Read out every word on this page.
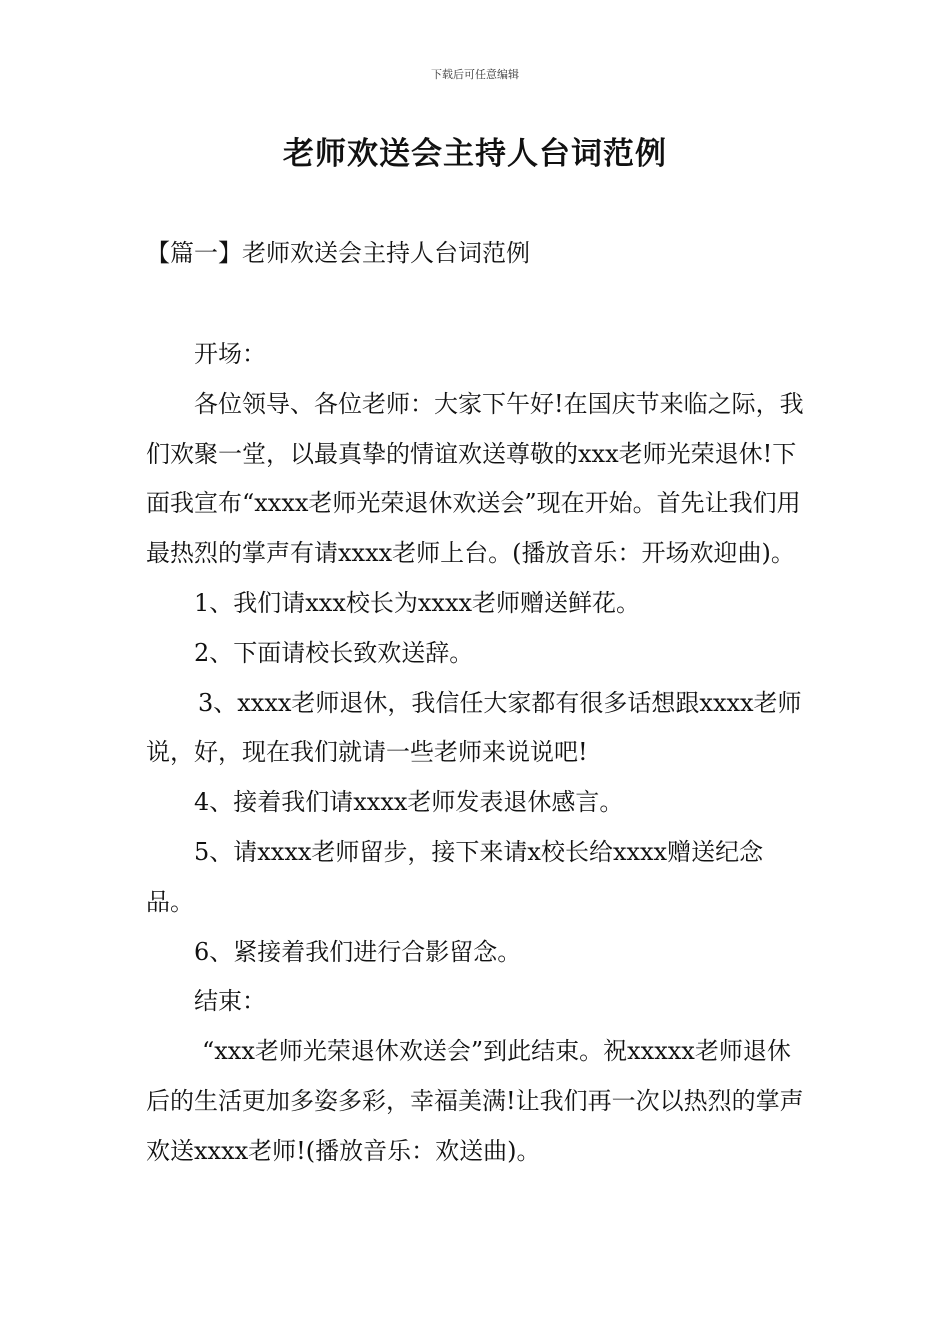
下载后可任意编辑
老师欢送会主持人台词范例
【篇一】老师欢送会主持人台词范例

开场：

各位领导、各位老师：大家下午好!在国庆节来临之际，我们欢聚一堂，以最真挚的情谊欢送尊敬的xxx老师光荣退休!下面我宣布“xxxx老师光荣退休欢送会”现在开始。首先让我们用最热烈的掌声有请xxxx老师上台。(播放音乐：开场欢迎曲)。

1、我们请xxx校长为xxxx老师赠送鲜花。

2、下面请校长致欢送辞。

3、xxxx老师退休，我信任大家都有很多话想跟xxxx老师说，好，现在我们就请一些老师来说说吧!

4、接着我们请xxxx老师发表退休感言。

5、请xxxx老师留步，接下来请x校长给xxxx赠送纪念品。

6、紧接着我们进行合影留念。

结束：

“xxx老师光荣退休欢送会”到此结束。祝xxxxx老师退休后的生活更加多姿多彩，幸福美满!让我们再一次以热烈的掌声欢送xxxx老师!(播放音乐：欢送曲)。
